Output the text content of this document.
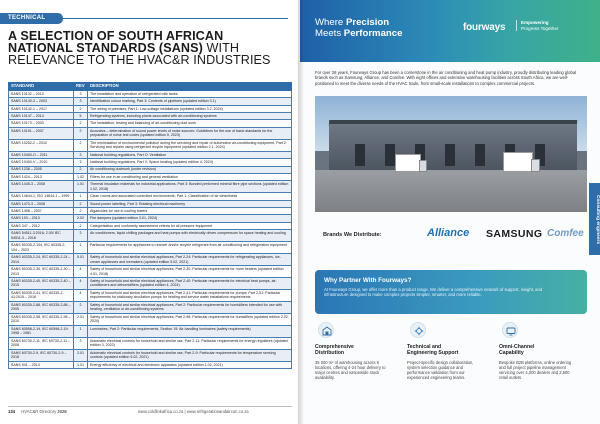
TECHNICAL
A SELECTION OF SOUTH AFRICAN
NATIONAL STANDARDS (SANS) WITH
RELEVANCE TO THE HVAC&R INDUSTRIES
STANDARD	REV	DESCRIPTION
SANS 10132 – 2013	3	The installation and operation of refrigerated milk tanks
SANS 10140-3 – 2003	3	Identification colour marking, Part 3: Contents of pipelines (updated edition 3.1)
SANS 10142-1 – 2017	2	The wiring of premises, Part 1: Low-voltage installations (updated edition 3.2, 2024)
SANS 10147 – 2014	5	Refrigerating systems, including plants associated with air-conditioning systems
SANS 10173 – 2003	2	The installation, testing and balancing of air-conditioning duct work
SANS 10191 – 2007	2	Acoustics – determination of sound power levels of noise sources: Guidelines for the use of basic standards for the preparation of noise test codes (updated edition 5, 2023)
SANS 10252-2 – 2010	2	The minimisation of environmental pollution during the servicing and repair of automotive air-conditioning equipment, Part 2: Servicing and repairs using refrigerant recycle equipment (updated edition 2.1, 2024)
SANS 10400-O – 2011	3	National building regulations, Part O: Ventilation
SANS 10400-V – 2010	3	National building regulations, Part V: Space heating (updated edition 4, 2024)
SANS 1238 – 2005	2	Air conditioning ductwork (under revision)
SANS 1424 – 2013	1.02	Filters for use in air conditioning and general ventilation
SANS 1445-3 – 2008	1.01	Thermal insulation materials for industrial applications, Part 3: Bonded preformed mineral fibre pipe sections (updated edition 1.02, 2018)
SANS 14644-1, ISO 14644-1 – 1999	1	Clean rooms and associated controlled environments, Part 1: Classification of air cleanliness
SANS 1470-3 – 2008	2	Sound power labelling, Part 3: Rotating electrical machinery
SANS 1498 – 2007	2	Algaecides for use in cooling towers
SANS 193 – 2013	2.02	Fire dampers (updated edition 3.01, 2024)
SANS 347 – 2012	2	Categorisation and conformity assessment criteria for all pressure equipment
SANS 54511-3:2016; 2.00/ IEC 54511-3 – 2016	3	Air conditioners, liquid chilling packages and heat pumps with electrically driven compressors for space heating and cooling
SANS 60335-2-104, IEC 60335-2-104 – 2023	1	Particular requirements for appliances to recover and/or recycle refrigerant from air-conditioning and refrigeration equipment
SANS 60335-2-24, IEC 60335-2-24 – 2014	5.01	Safety of household and similar electrical appliances, Part 2-24: Particular requirements for refrigerating appliances, ice-cream appliances and icemakers (updated edition 5.02, 2021)
SANS 60335-2-30, IEC 60335-2-30 – 2013	4	Safety of household and similar electrical appliances, Part 2-30: Particular requirements for room heaters (updated edition 4.01, 2018)
SANS 60335-2-40, IEC 60335-2-40 – 2015	4	Safety of household and similar electrical appliances, Part 2-40: Particular requirements for electrical heat pumps, air-conditioners and dehumidifiers (updated edition 4, 2024)
SANS 60335-2-41, IEC 60335-2-41:2015 – 2016	4	Safety of household and similar electrical appliances, Part 2-41: Particular requirements for pumps; Part 2-51: Particular requirements for stationary circulation pumps for heating and service water installations requirements
SANS 60335-2-88, IEC 60335-2-88 – 2005	2	Safety of household and similar electrical appliances, Part 2: Particular requirements for humidifiers intended for use with heating, ventilation or air-conditioning systems
SANS 60335-2-98, IEC 60335-2-98 – 2010	2.01	Safety of household and similar electrical appliances, Part 2-98: Particular requirements for humidifiers (updated edition 2.02, 2020)
SANS 60598-2-19, IEC 60598-2-19: 1998 – 1981	1	Luminaires, Part 2: Particular requirements, Section 19: Air-handling luminaires (safety requirements)
SANS 60730-2-11, IEC 60730-2-11 – 2008	3	Automatic electrical controls for household and similar use, Part 2-11: Particular requirements for energy regulators (updated edition 3, 2022)
SANS 60730-2-9, IEC 60730-2-9 – 2018	2.01	Automatic electrical controls for household and similar use, Part 2-9: Particular requirements for temperature sensing controls (updated edition 5.02, 2021)
SANS 941 – 2014	1.01	Energy efficiency of electrical and electronic apparatus (updated edition 1.02, 2021)
134 HVAC&R Directory 2026	www.coldlinkafrica.co.za | www.refrigerationandaircon.co.za
Where Precision
Meets Performance
fourways	Empowering
Progress Together
For over 26 years, Fourways Group has been a cornerstone in the air conditioning and heat pump industry, proudly distributing leading global brands such as Samsung, Alliance, and Comfee. With eight offices and extensive warehousing facilities across South Africa, we are well-positioned to meet the diverse needs of the HVAC trade, from small-scale installations to complex commercial projects.
Brands We Distribute:	Alliance SAMSUNG Comfee	Consulting engineers
Why Partner With Fourways?
At Fourways Group, we offer more than a product range. We deliver a comprehensive network of support, insight, and infrastructure designed to make complex projects simpler, smarter, and more reliable.
Comprehensive
Distribution
35 000 m² of warehousing across 8 locations, offering 4-24 hour delivery to major centres and nationwide stock availability.
Technical and
Engineering Support
Project-specific design collaboration, system selection guidance and performance validation from our experienced engineering teams.
Omni-Channel
Capability
Bespoke B2B platforms, online ordering and full project pipeline management servicing over 4,000 dealers and 2,500 retail outlets.
